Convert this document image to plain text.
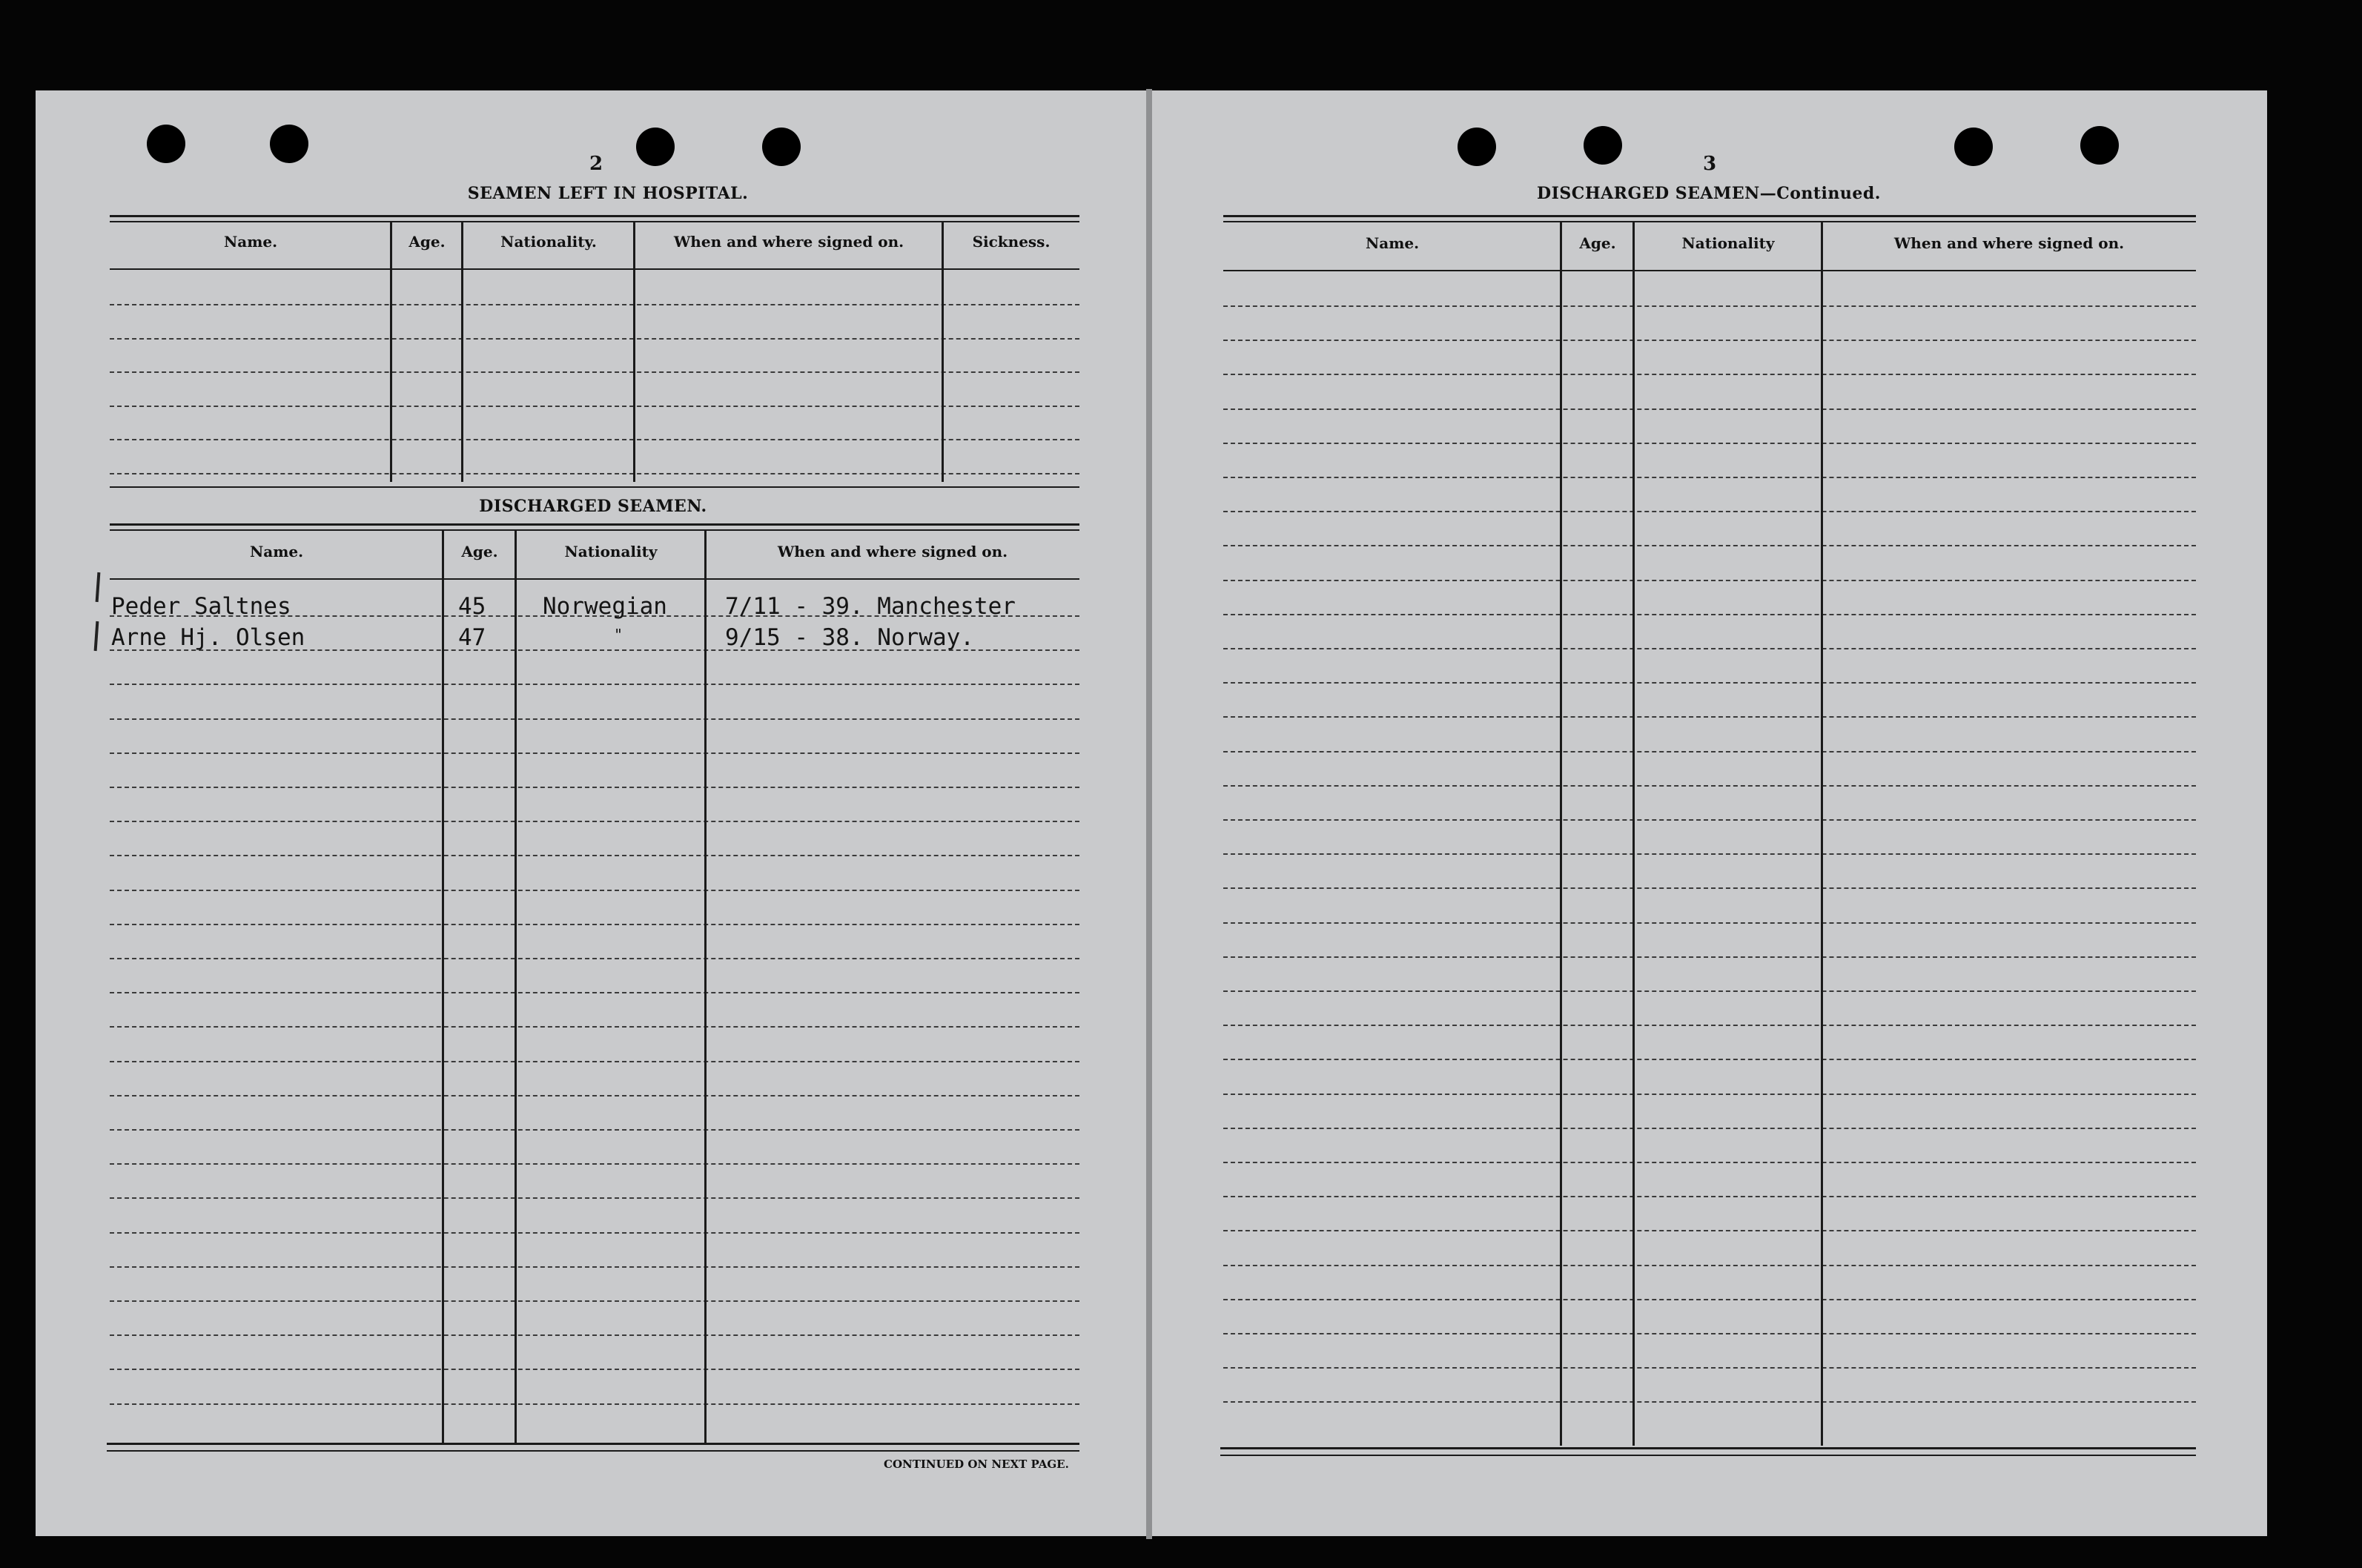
2
SEAMEN LEFT IN HOSPITAL.
Name.	Age.	Nationality.	When and where signed on.	Sickness.
DISCHARGED SEAMEN.
Name.	Age.	Nationality	When and where signed on.
Peder Saltnes	45 Norwegian	7/11 - 39. Manchester
Arne Hj. Olsen	47	"	9/15 - 38. Norway.
CONTINUED ON NEXT PAGE.
3
DISCHARGED SEAMEN—Continued.
Name.	Age.	Nationality	When and where signed on.
